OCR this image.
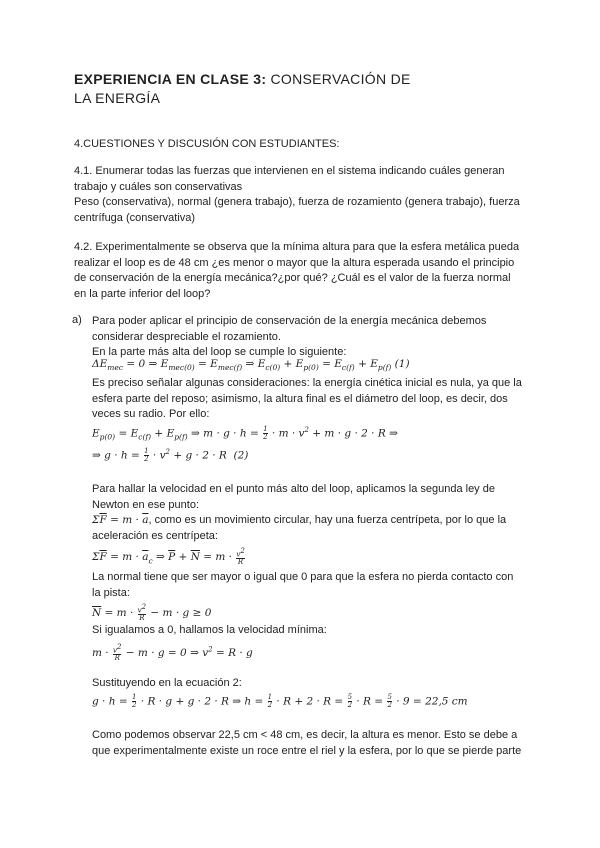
EXPERIENCIA EN CLASE 3: CONSERVACIÓN DE
LA ENERGÍA
4.CUESTIONES Y DISCUSIÓN CON ESTUDIANTES:
4.1. Enumerar todas las fuerzas que intervienen en el sistema indicando cuáles generan
trabajo y cuáles son conservativas
Peso (conservativa), normal (genera trabajo), fuerza de rozamiento (genera trabajo), fuerza
centrífuga (conservativa)
4.2. Experimentalmente se observa que la mínima altura para que la esfera metálica pueda
realizar el loop es de 48 cm ¿es menor o mayor que la altura esperada usando el principio
de conservación de la energía mecánica?¿por qué? ¿Cuál es el valor de la fuerza normal
en la parte inferior del loop?
a) Para poder aplicar el principio de conservación de la energía mecánica debemos
considerar despreciable el rozamiento.
En la parte más alta del loop se cumple lo siguiente:
$\Delta E_{mec} = 0$ ⇒ $E_{mec(0)} = E_{mec(f)}$ ⇒ $E_{c(0)} + E_{p(0)} = E_{c(f)} + E_{p(f)}$ (1)
Es preciso señalar algunas consideraciones: la energía cinética inicial es nula, ya que la
esfera parte del reposo; asimismo, la altura final es el diámetro del loop, es decir, dos
veces su radio. Por ello:
$E_{p(0)} = E_{c(f)} + E_{p(f)}$ ⇒ $m \cdot g \cdot h = \frac{1}{2} \cdot m \cdot v^2 + m \cdot g \cdot 2 \cdot R$ ⇒
⇒ $g \cdot h = \frac{1}{2} \cdot v^2 + g \cdot 2 \cdot R$  (2)
Para hallar la velocidad en el punto más alto del loop, aplicamos la segunda ley de
Newton en ese punto:
$\Sigma\overline{F} = m \cdot \overline{a}$, como es un movimiento circular, hay una fuerza centrípeta, por lo que la
aceleración es centrípeta:
$\Sigma\overline{F} = m \cdot \overline{a}_c$ ⇒ $\overline{P} + \overline{N} = m \cdot \frac{v^2}{R}$
La normal tiene que ser mayor o igual que 0 para que la esfera no pierda contacto con
la pista:
$\overline{N} = m \cdot \frac{v^2}{R} - m \cdot g \ge 0$
Si igualamos a 0, hallamos la velocidad mínima:
$m \cdot \frac{v^2}{R} - m \cdot g = 0$ ⇒ $v^2 = R \cdot g$
Sustituyendo en la ecuación 2:
$g \cdot h = \frac{1}{2} \cdot R \cdot g + g \cdot 2 \cdot R$ ⇒ $h = \frac{1}{2} \cdot R + 2 \cdot R = \frac{5}{2} \cdot R = \frac{5}{2} \cdot 9 = 22,5$ cm
Como podemos observar 22,5 cm < 48 cm, es decir, la altura es menor. Esto se debe a
que experimentalmente existe un roce entre el riel y la esfera, por lo que se pierde parte
